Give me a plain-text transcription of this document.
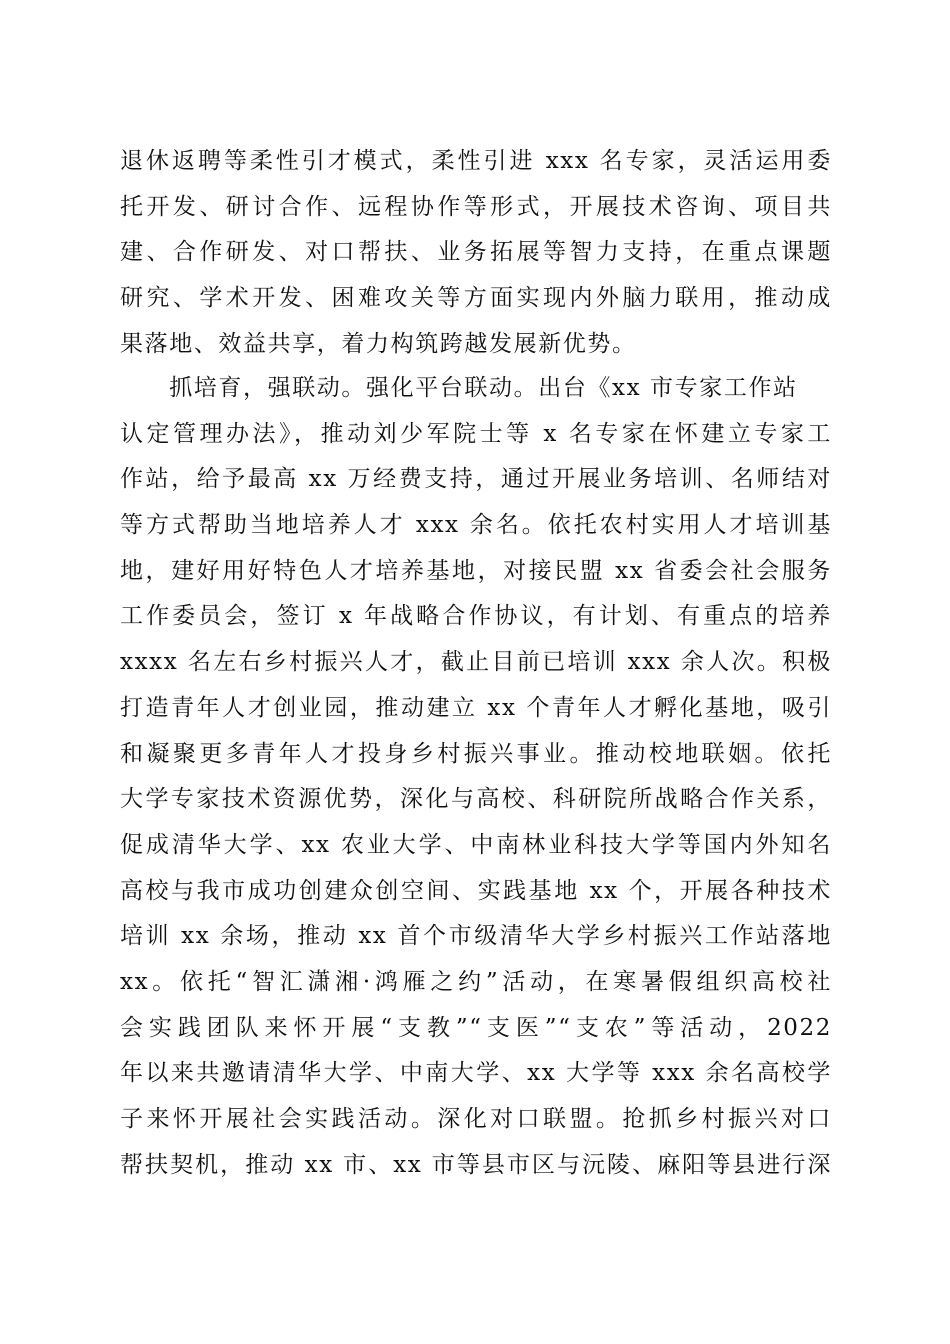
退休返聘等柔性引才模式，柔性引进 xxx 名专家，灵活运用委
托开发、研讨合作、远程协作等形式，开展技术咨询、项目共
建、合作研发、对口帮扶、业务拓展等智力支持，在重点课题
研究、学术开发、困难攻关等方面实现内外脑力联用，推动成
果落地、效益共享，着力构筑跨越发展新优势。
　　抓培育，强联动。强化平台联动。出台《xx 市专家工作站
认定管理办法》，推动刘少军院士等 x 名专家在怀建立专家工
作站，给予最高 xx 万经费支持，通过开展业务培训、名师结对
等方式帮助当地培养人才 xxx 余名。依托农村实用人才培训基
地，建好用好特色人才培养基地，对接民盟 xx 省委会社会服务
工作委员会，签订 x 年战略合作协议，有计划、有重点的培养
xxxx 名左右乡村振兴人才，截止目前已培训 xxx 余人次。积极
打造青年人才创业园，推动建立 xx 个青年人才孵化基地，吸引
和凝聚更多青年人才投身乡村振兴事业。推动校地联姻。依托
大学专家技术资源优势，深化与高校、科研院所战略合作关系，
促成清华大学、xx 农业大学、中南林业科技大学等国内外知名
高校与我市成功创建众创空间、实践基地 xx 个，开展各种技术
培训 xx 余场，推动 xx 首个市级清华大学乡村振兴工作站落地
xx。依托“智汇潇湘·鸿雁之约”活动，在寒暑假组织高校社
会实践团队来怀开展“支教”“支医”“支农”等活动，2022
年以来共邀请清华大学、中南大学、xx 大学等 xxx 余名高校学
子来怀开展社会实践活动。深化对口联盟。抢抓乡村振兴对口
帮扶契机，推动 xx 市、xx 市等县市区与沅陵、麻阳等县进行深
